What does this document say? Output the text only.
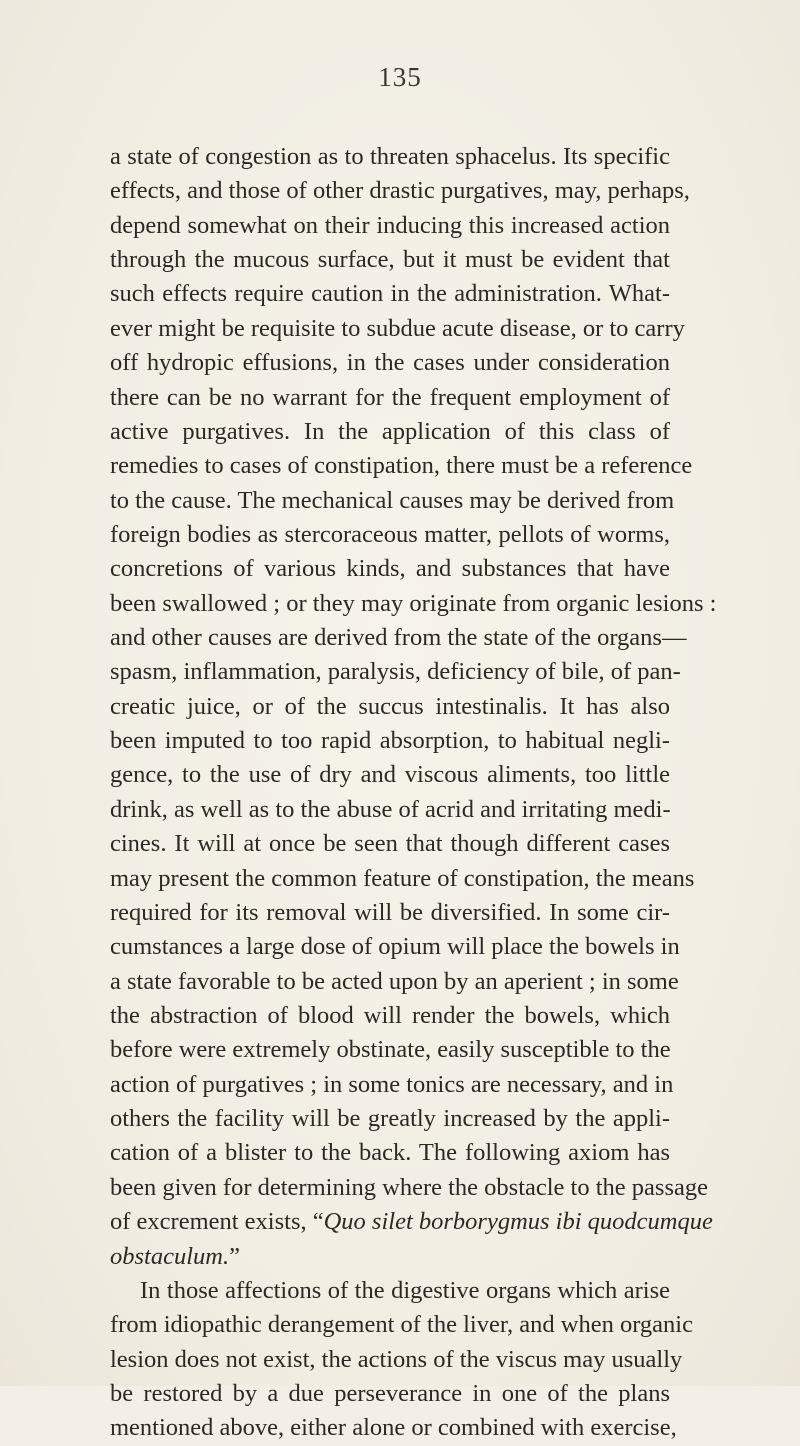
135
a state of congestion as to threaten sphacelus. Its specific
effects, and those of other drastic purgatives, may, perhaps,
depend somewhat on their inducing this increased action
through the mucous surface, but it must be evident that
such effects require caution in the administration. What-
ever might be requisite to subdue acute disease, or to carry
off hydropic effusions, in the cases under consideration
there can be no warrant for the frequent employment of
active purgatives. In the application of this class of
remedies to cases of constipation, there must be a reference
to the cause. The mechanical causes may be derived from
foreign bodies as stercoraceous matter, pellots of worms,
concretions of various kinds, and substances that have
been swallowed ; or they may originate from organic lesions :
and other causes are derived from the state of the organs—
spasm, inflammation, paralysis, deficiency of bile, of pan-
creatic juice, or of the succus intestinalis. It has also
been imputed to too rapid absorption, to habitual negli-
gence, to the use of dry and viscous aliments, too little
drink, as well as to the abuse of acrid and irritating medi-
cines. It will at once be seen that though different cases
may present the common feature of constipation, the means
required for its removal will be diversified. In some cir-
cumstances a large dose of opium will place the bowels in
a state favorable to be acted upon by an aperient ; in some
the abstraction of blood will render the bowels, which
before were extremely obstinate, easily susceptible to the
action of purgatives ; in some tonics are necessary, and in
others the facility will be greatly increased by the appli-
cation of a blister to the back. The following axiom has
been given for determining where the obstacle to the passage
of excrement exists, “Quo silet borborygmus ibi quodcumque
obstaculum.”
In those affections of the digestive organs which arise
from idiopathic derangement of the liver, and when organic
lesion does not exist, the actions of the viscus may usually
be restored by a due perseverance in one of the plans
mentioned above, either alone or combined with exercise,
